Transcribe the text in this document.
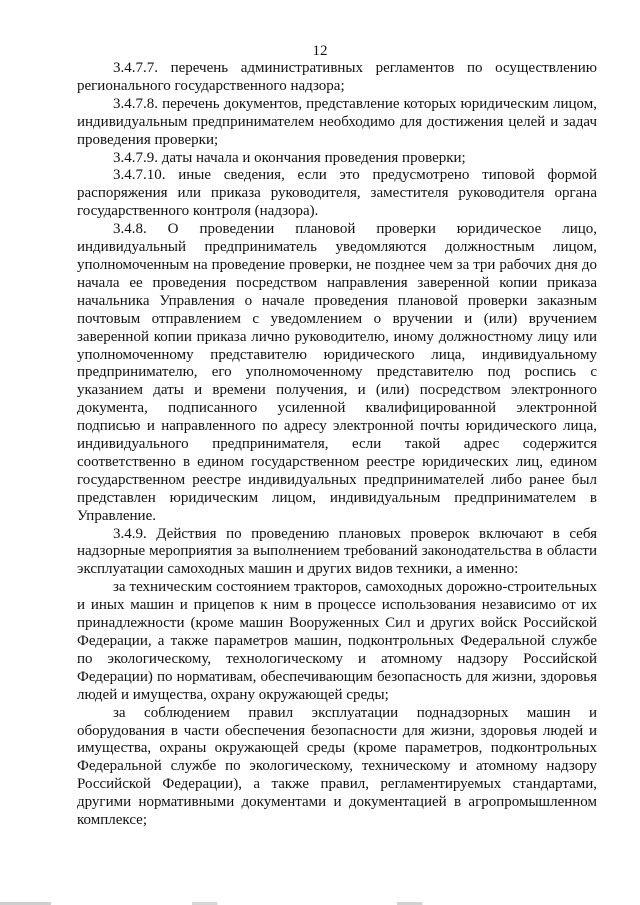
12

3.4.7.7. перечень административных регламентов по осуществлению регионального государственного надзора;

3.4.7.8. перечень документов, представление которых юридическим лицом, индивидуальным предпринимателем необходимо для достижения целей и задач проведения проверки;

3.4.7.9. даты начала и окончания проведения проверки;

3.4.7.10. иные сведения, если это предусмотрено типовой формой распоряжения или приказа руководителя, заместителя руководителя органа государственного контроля (надзора).

3.4.8. О проведении плановой проверки юридическое лицо, индивидуальный предприниматель уведомляются должностным лицом, уполномоченным на проведение проверки, не позднее чем за три рабочих дня до начала ее проведения посредством направления заверенной копии приказа начальника Управления о начале проведения плановой проверки заказным почтовым отправлением с уведомлением о вручении и (или) вручением заверенной копии приказа лично руководителю, иному должностному лицу или уполномоченному представителю юридического лица, индивидуальному предпринимателю, его уполномоченному представителю под роспись с указанием даты и времени получения, и (или) посредством электронного документа, подписанного усиленной квалифицированной электронной подписью и направленного по адресу электронной почты юридического лица, индивидуального предпринимателя, если такой адрес содержится соответственно в едином государственном реестре юридических лиц, едином государственном реестре индивидуальных предпринимателей либо ранее был представлен юридическим лицом, индивидуальным предпринимателем в Управление.

3.4.9. Действия по проведению плановых проверок включают в себя надзорные мероприятия за выполнением требований законодательства в области эксплуатации самоходных машин и других видов техники, а именно:

за техническим состоянием тракторов, самоходных дорожно-строительных и иных машин и прицепов к ним в процессе использования независимо от их принадлежности (кроме машин Вооруженных Сил и других войск Российской Федерации, а также параметров машин, подконтрольных Федеральной службе по экологическому, технологическому и атомному надзору Российской Федерации) по нормативам, обеспечивающим безопасность для жизни, здоровья людей и имущества, охрану окружающей среды;

за соблюдением правил эксплуатации поднадзорных машин и оборудования в части обеспечения безопасности для жизни, здоровья людей и имущества, охраны окружающей среды (кроме параметров, подконтрольных Федеральной службе по экологическому, техническому и атомному надзору Российской Федерации), а также правил, регламентируемых стандартами, другими нормативными документами и документацией в агропромышленном комплексе;
